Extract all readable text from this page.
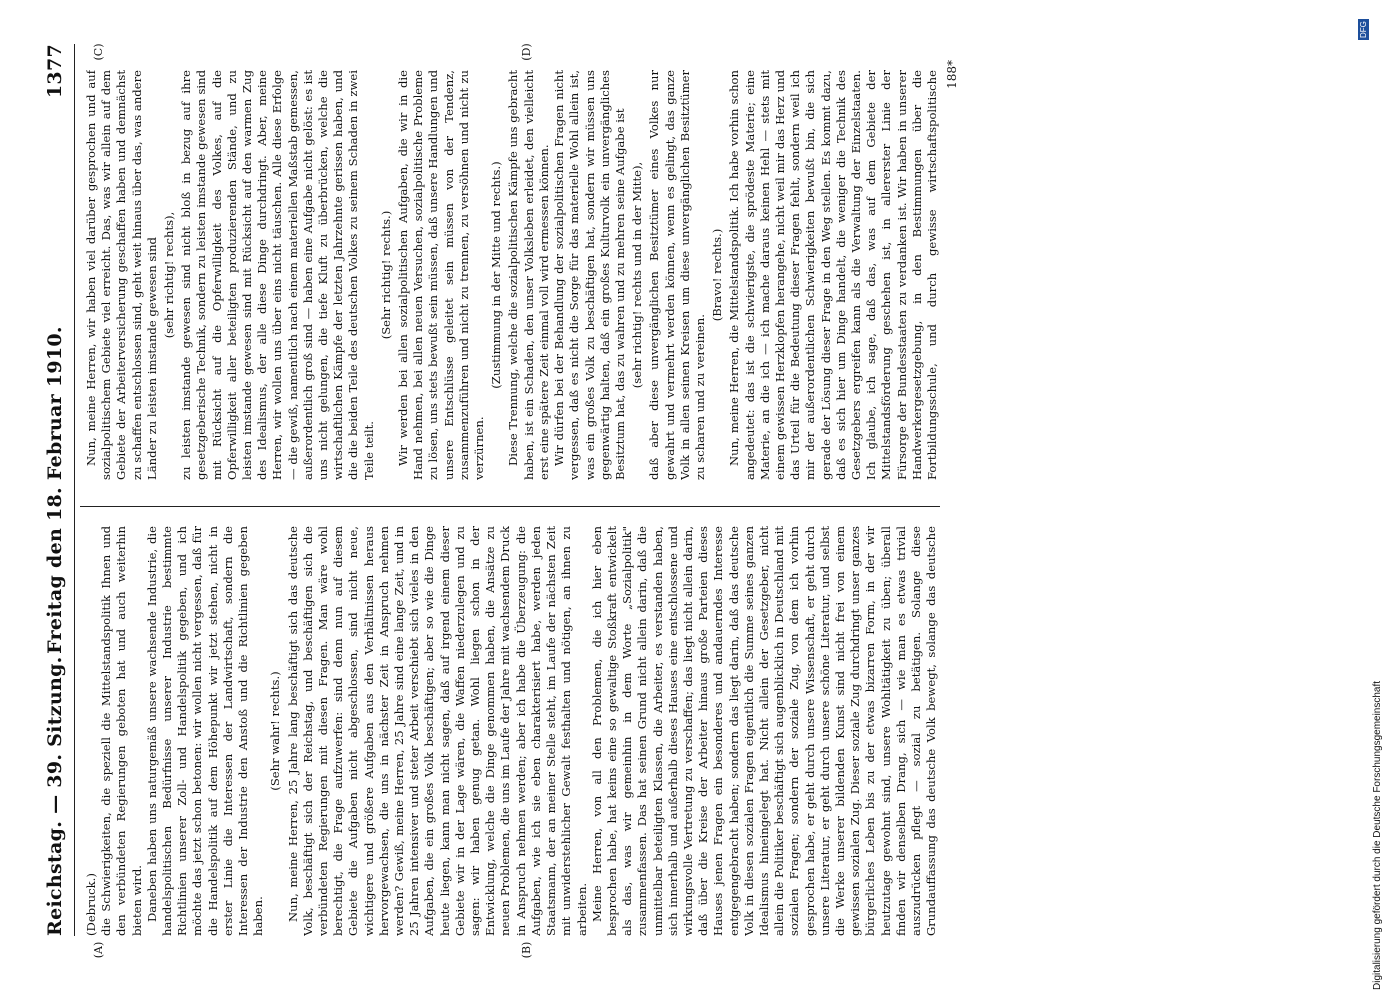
Reichstag. — 39. Sitzung.
Freitag den 18. Februar 1910.
1377
(A)	(B)
(C)	(D)

(Debruck.) die Schwierigkeiten, die speziell die Mittelstandspolitik Ihnen und den verbündeten Regierungen geboten hat und auch weiterhin bieten wird. Daneben haben uns naturgemäß unsere wachsende Industrie, die handelspolitischen Bedürfnisse unserer Industrie bestimmte Richtlinien unserer Zoll- und Handelspolitik gegeben, und ich möchte das jetzt schon betonen: wir wollen nicht vergessen, daß für die Handelspolitik auf dem Höhepunkt wir jetzt stehen, nicht in erster Linie die Interessen der Landwirtschaft, sondern die Interessen der Industrie den Anstoß und die Richtlinien gegeben haben.

(Sehr wahr! rechts.) Nun, meine Herren, 25 Jahre lang beschäftigt sich das deutsche Volk, beschäftigt sich der Reichstag, und beschäftigen sich die verbündeten Regierungen mit diesen Fragen. Man wäre wohl berechtigt, die Frage aufzuwerfen: sind denn nun auf diesem Gebiete die Aufgaben nicht abgeschlossen, sind nicht neue, wichtigere und größere Aufgaben aus den Verhältnissen heraus hervorgewachsen, die uns in nächster Zeit in Anspruch nehmen werden? Gewiß, meine Herren, 25 Jahre sind eine lange Zeit, und in 25 Jahren intensiver und steter Arbeit verschiebt sich vieles in den Aufgaben, die ein großes Volk beschäftigen; aber so wie die Dinge heute liegen, kann man nicht sagen, daß auf irgend einem dieser Gebiete wir in der Lage wären, die Waffen niederzulegen und zu sagen: wir haben genug getan. Wohl liegen schon in der Entwicklung, welche die Dinge genommen haben, die Ansätze zu neuen Problemen, die uns im Laufe der Jahre mit wachsendem Druck in Anspruch nehmen werden; aber ich habe die Überzeugung: die Aufgaben, wie ich sie eben charakterisiert habe, werden jeden Staatsmann, der an meiner Stelle steht, im Laufe der nächsten Zeit mit unwiderstehlicher Gewalt festhalten und nötigen, an ihnen zu arbeiten. Meine Herren, von all den Problemen, die ich hier eben besprochen habe, hat keins eine so gewaltige Stoßkraft entwickelt als das, was wir gemeinhin in dem Worte „Sozialpolitik" zusammenfassen. Das hat seinen Grund nicht allein darin, daß die unmittelbar beteiligten Klassen, die Arbeiter, es verstanden haben, sich innerhalb und außerhalb dieses Hauses eine entschlossene und wirkungsvolle Vertretung zu verschaffen; das liegt nicht allein darin, daß über die Kreise der Arbeiter hinaus große Parteien dieses Hauses jenen Fragen ein besonderes und andauerndes Interesse entgegengebracht haben; sondern das liegt darin, daß das deutsche Volk in diesen sozialen Fragen eigentlich die Summe seines ganzen Idealismus hineingelegt hat. Nicht allein der Gesetzgeber, nicht allein die Politiker beschäftigt sich augenblicklich in Deutschland mit sozialen Fragen; sondern der soziale Zug, von dem ich vorhin gesprochen habe, er geht durch unsere Wissenschaft, er geht durch unsere Literatur, er geht durch unsere schöne Literatur, und selbst die Werke unserer bildenden Kunst sind nicht frei von einem gewissen sozialen Zug. Dieser soziale Zug durchdringt unser ganzes bürgerliches Leben bis zu der etwas bizarren Form, in der wir heutzutage gewohnt sind, unsere Wohltätigkeit zu üben; überall finden wir denselben Drang, sich — wie man es etwas trivial auszudrücken pflegt — sozial zu betätigen. Solange diese Grundauffassung das deutsche Volk bewegt, solange das deutsche

Nun, meine Herren, wir haben viel darüber gesprochen und auf sozialpolitischem Gebiete viel erreicht. Das, was wir allein auf dem Gebiete der Arbeiterversicherung geschaffen haben und demnächst zu schaffen entschlossen sind, geht weit hinaus über das, was andere Länder zu leisten imstande gewesen sind (sehr richtig! rechts), zu leisten imstande gewesen sind nicht bloß in bezug auf ihre gesetzgeberische Technik, sondern zu leisten imstande gewesen sind mit Rücksicht auf die Opferwilligkeit des Volkes, auf die Opferwilligkeit aller beteiligten produzierenden Stände, und zu leisten imstande gewesen sind mit Rücksicht auf den warmen Zug des Idealismus, der alle diese Dinge durchdringt. Aber, meine Herren, wir wollen uns über eins nicht täuschen. Alle diese Erfolge — die gewiß, namentlich nach einem materiellen Maßstab gemessen, außerordentlich groß sind — haben eine Aufgabe nicht gelöst: es ist uns nicht gelungen, die tiefe Kluft zu überbrücken, welche die wirtschaftlichen Kämpfe der letzten Jahrzehnte gerissen haben, und die die beiden Teile des deutschen Volkes zu seinem Schaden in zwei Teile teilt.

(Sehr richtig! rechts.) Wir werden bei allen sozialpolitischen Aufgaben, die wir in die Hand nehmen, bei allen neuen Versuchen, sozialpolitische Probleme zu lösen, uns stets bewußt sein müssen, daß unsere Handlungen und unsere Entschlüsse geleitet sein müssen von der Tendenz, zusammenzuführen und nicht zu trennen, zu versöhnen und nicht zu verzürnen.

(Zustimmung in der Mitte und rechts.) Diese Trennung, welche die sozialpolitischen Kämpfe uns gebracht haben, ist ein Schaden, den unser Volksleben erleidet, den vielleicht erst eine spätere Zeit einmal voll wird ermessen können. Wir dürfen bei der Behandlung der sozialpolitischen Fragen nicht vergessen, daß es nicht die Sorge für das materielle Wohl allein ist, was ein großes Volk zu beschäftigen hat, sondern wir müssen uns gegenwärtig halten, daß ein großes Kulturvolk ein unvergängliches Besitztum hat, das zu wahren und zu mehren seine Aufgabe ist (sehr richtig! rechts und in der Mitte), daß aber diese unvergänglichen Besitztümer eines Volkes nur gewahrt und vermehrt werden können, wenn es gelingt, das ganze Volk in allen seinen Kreisen um diese unvergänglichen Besitztümer zu scharen und zu vereinen.

(Bravo! rechts.)

Nun, meine Herren, die Mittelstandspolitik. Ich habe vorhin schon angedeutet: das ist die schwierigste, die sprödeste Materie; eine Materie, an die ich — ich mache daraus keinen Hehl — stets mit einem gewissen Herzklopfen herangehe, nicht weil mir das Herz und das Urteil für die Bedeutung dieser Fragen fehlt, sondern weil ich mir der außerordentlichen Schwierigkeiten bewußt bin, die sich gerade der Lösung dieser Frage in den Weg stellen. Es kommt dazu, daß es sich hier um Dinge handelt, die weniger die Technik des Gesetzgebers ergreifen kann als die Verwaltung der Einzelstaaten. Ich glaube, ich sage, daß das, was auf dem Gebiete der Mittelstandsförderung geschehen ist, in allererster Linie der Fürsorge der Bundesstaaten zu verdanken ist. Wir haben in unserer Handwerkergesetzgebung, in den Bestimmungen über die Fortbildungsschule, und durch gewisse wirtschaftspolitische 188*
Digitalisierung gefördert durch die Deutsche Forschungsgemeinschaft
DFG
